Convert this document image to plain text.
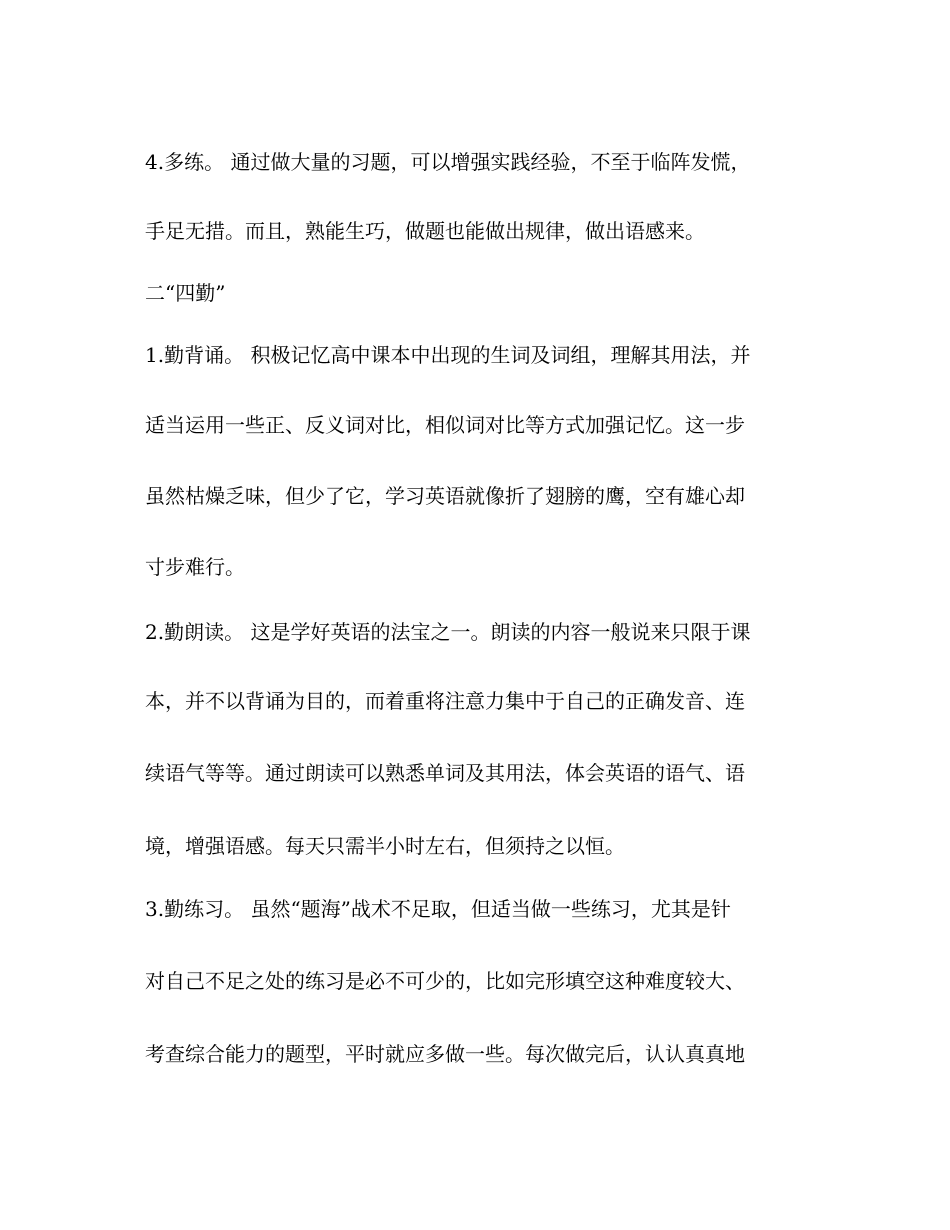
4.多练。 通过做大量的习题，可以增强实践经验，不至于临阵发慌，
手足无措。而且，熟能生巧，做题也能做出规律，做出语感来。
二“四勤”
1.勤背诵。 积极记忆高中课本中出现的生词及词组，理解其用法，并
适当运用一些正、反义词对比，相似词对比等方式加强记忆。这一步
虽然枯燥乏味，但少了它，学习英语就像折了翅膀的鹰，空有雄心却
寸步难行。
2.勤朗读。 这是学好英语的法宝之一。朗读的内容一般说来只限于课
本，并不以背诵为目的，而着重将注意力集中于自己的正确发音、连
续语气等等。通过朗读可以熟悉单词及其用法，体会英语的语气、语
境，增强语感。每天只需半小时左右，但须持之以恒。
3.勤练习。 虽然“题海”战术不足取，但适当做一些练习，尤其是针
对自己不足之处的练习是必不可少的，比如完形填空这种难度较大、
考查综合能力的题型，平时就应多做一些。每次做完后，认认真真地
